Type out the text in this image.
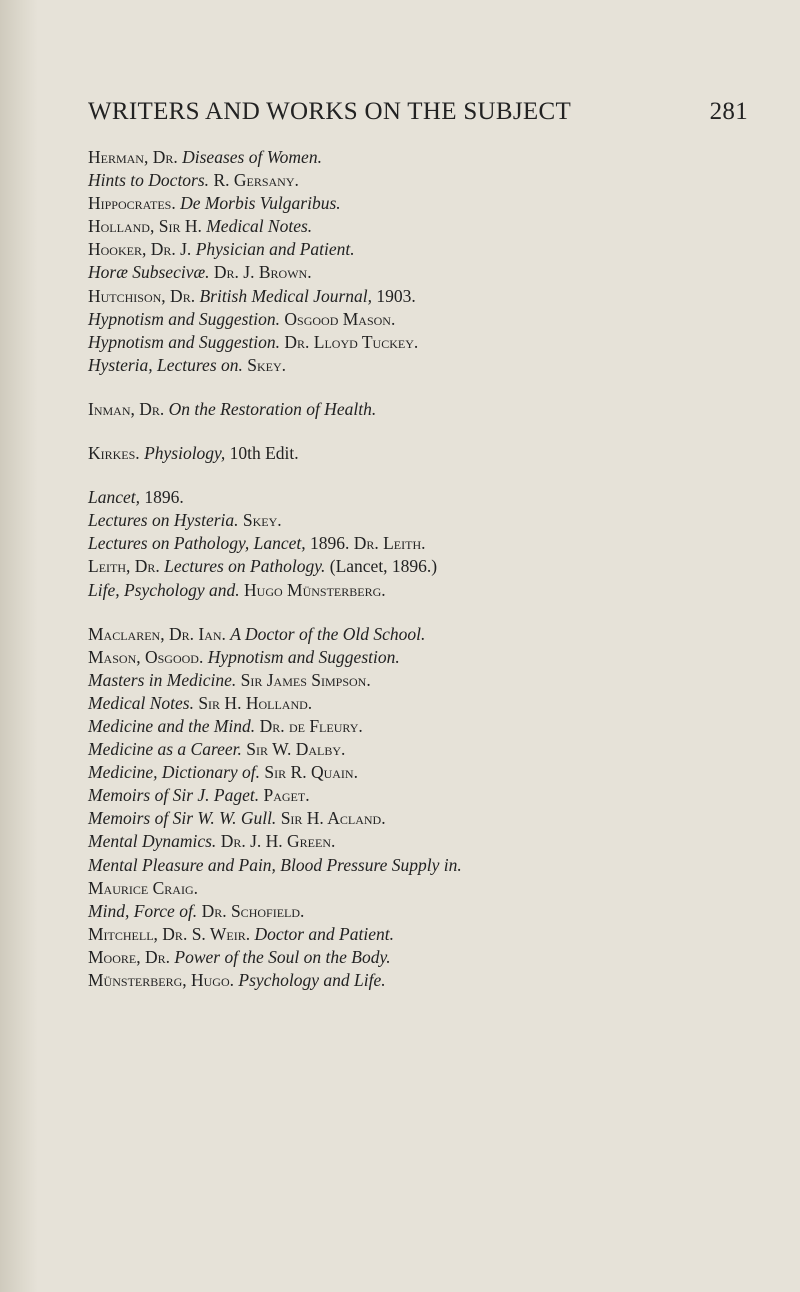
WRITERS AND WORKS ON THE SUBJECT	281
Herman, Dr. Diseases of Women.
Hints to Doctors. R. Gersany.
Hippocrates. De Morbis Vulgaribus.
Holland, Sir H. Medical Notes.
Hooker, Dr. J. Physician and Patient.
Horæ Subsecivæ. Dr. J. Brown.
Hutchison, Dr. British Medical Journal, 1903.
Hypnotism and Suggestion. Osgood Mason.
Hypnotism and Suggestion. Dr. Lloyd Tuckey.
Hysteria, Lectures on. Skey.
Inman, Dr. On the Restoration of Health.
Kirkes. Physiology, 10th Edit.
Lancet, 1896.
Lectures on Hysteria. Skey.
Lectures on Pathology, Lancet, 1896. Dr. Leith.
Leith, Dr. Lectures on Pathology. (Lancet, 1896.)
Life, Psychology and. Hugo Münsterberg.
Maclaren, Dr. Ian. A Doctor of the Old School.
Mason, Osgood. Hypnotism and Suggestion.
Masters in Medicine. Sir James Simpson.
Medical Notes. Sir H. Holland.
Medicine and the Mind. Dr. de Fleury.
Medicine as a Career. Sir W. Dalby.
Medicine, Dictionary of. Sir R. Quain.
Memoirs of Sir J. Paget. Paget.
Memoirs of Sir W. W. Gull. Sir H. Acland.
Mental Dynamics. Dr. J. H. Green.
Mental Pleasure and Pain, Blood Pressure Supply in.
Maurice Craig.
Mind, Force of. Dr. Schofield.
Mitchell, Dr. S. Weir. Doctor and Patient.
Moore, Dr. Power of the Soul on the Body.
Münsterberg, Hugo. Psychology and Life.
